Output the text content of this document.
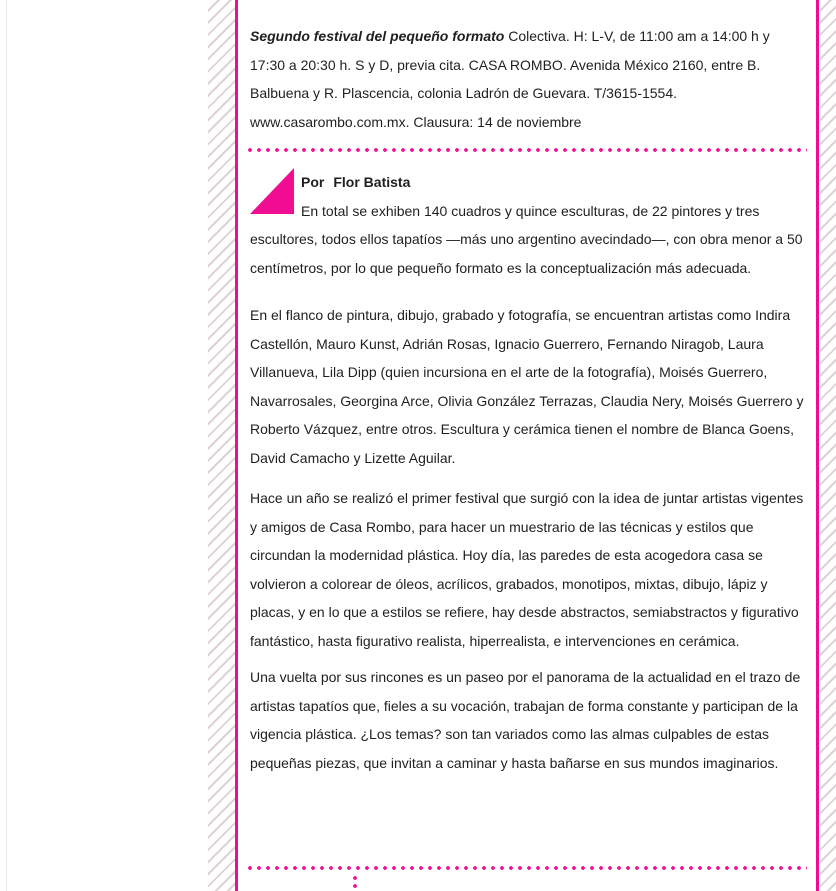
Segundo festival del pequeño formato Colectiva. H: L-V, de 11:00 am a 14:00 h y 17:30 a 20:30 h. S y D, previa cita. CASA ROMBO. Avenida México 2160, entre B. Balbuena y R. Plascencia, colonia Ladrón de Guevara. T/3615-1554. www.casarombo.com.mx. Clausura: 14 de noviembre

Por Flor Batista

En total se exhiben 140 cuadros y quince esculturas, de 22 pintores y tres escultores, todos ellos tapatíos —más uno argentino avecindado—, con obra menor a 50 centímetros, por lo que pequeño formato es la conceptualización más adecuada.

En el flanco de pintura, dibujo, grabado y fotografía, se encuentran artistas como Indira Castellón, Mauro Kunst, Adrián Rosas, Ignacio Guerrero, Fernando Niragob, Laura Villanueva, Lila Dipp (quien incursiona en el arte de la fotografía), Moisés Guerrero, Navarrosales, Georgina Arce, Olivia González Terrazas, Claudia Nery, Moisés Guerrero y Roberto Vázquez, entre otros. Escultura y cerámica tienen el nombre de Blanca Goens, David Camacho y Lizette Aguilar.

Hace un año se realizó el primer festival que surgió con la idea de juntar artistas vigentes y amigos de Casa Rombo, para hacer un muestrario de las técnicas y estilos que circundan la modernidad plástica. Hoy día, las paredes de esta acogedora casa se volvieron a colorear de óleos, acrílicos, grabados, monotipos, mixtas, dibujo, lápiz y placas, y en lo que a estilos se refiere, hay desde abstractos, semiabstractos y figurativo fantástico, hasta figurativo realista, hiperrealista, e intervenciones en cerámica.

Una vuelta por sus rincones es un paseo por el panorama de la actualidad en el trazo de artistas tapatíos que, fieles a su vocación, trabajan de forma constante y participan de la vigencia plástica. ¿Los temas? son tan variados como las almas culpables de estas pequeñas piezas, que invitan a caminar y hasta bañarse en sus mundos imaginarios.
